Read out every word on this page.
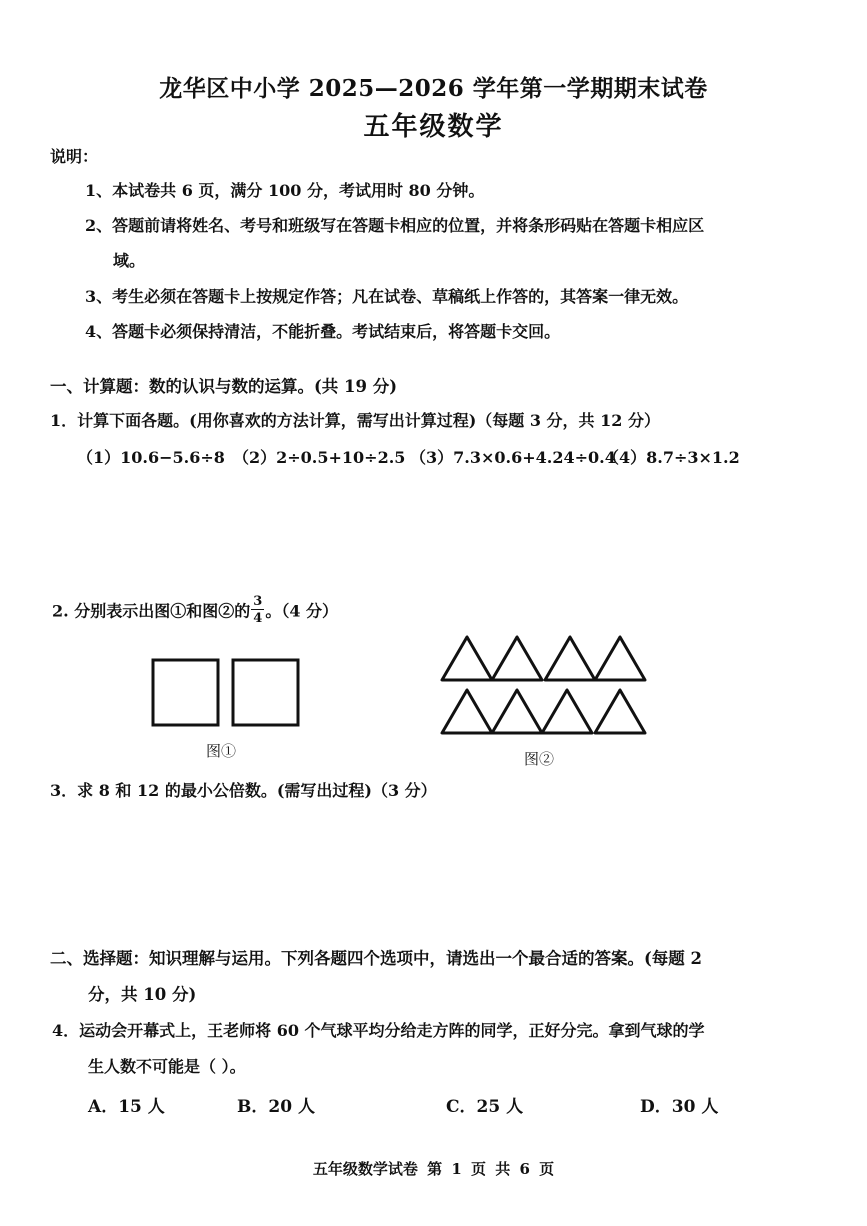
龙华区中小学 2025—2026 学年第一学期期末试卷
五年级数学
说明：
1、本试卷共 6 页，满分 100 分，考试用时 80 分钟。
2、答题前请将姓名、考号和班级写在答题卡相应的位置，并将条形码贴在答题卡相应区
域。
3、考生必须在答题卡上按规定作答；凡在试卷、草稿纸上作答的，其答案一律无效。
4、答题卡必须保持清洁，不能折叠。考试结束后，将答题卡交回。
一、计算题：数的认识与数的运算。(共 19 分)
1．计算下面各题。(用你喜欢的方法计算，需写出计算过程)（每题 3 分，共 12 分）
（1）10.6−5.6÷8 （2）2÷0.5+10÷2.5 （3）7.3×0.6+4.24÷0.4
（4）8.7÷3×1.2
2. 分别表示出图①和图②的 $\frac{3}{4}$ 。（4 分）
图①	图②
3．求 8 和 12 的最小公倍数。(需写出过程)（3 分）
二、选择题：知识理解与运用。下列各题四个选项中，请选出一个最合适的答案。(每题 2
分，共 10 分)
4．运动会开幕式上，王老师将 60 个气球平均分给走方阵的同学，正好分完。拿到气球的学
生人数不可能是（ ）。
A．15 人	B．20 人	C．25 人	D．30 人
五年级数学试卷 第 1 页 共 6 页
